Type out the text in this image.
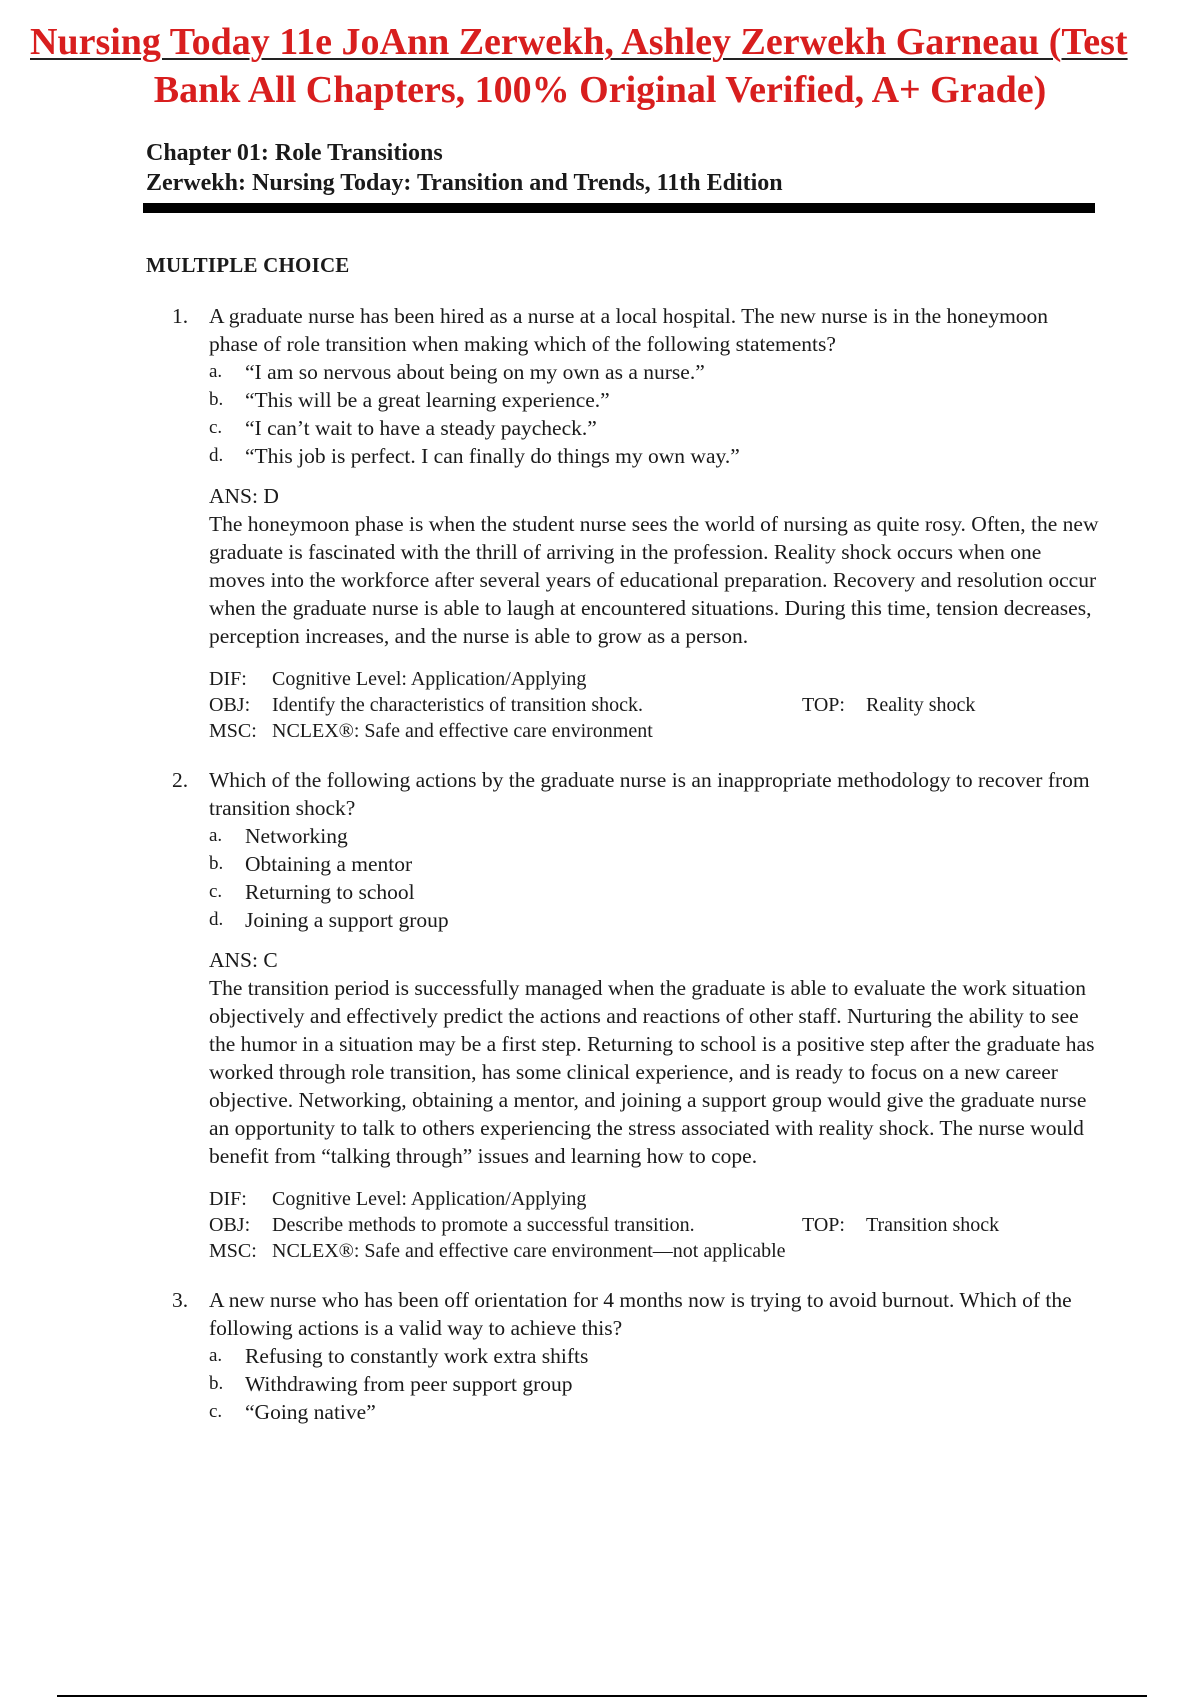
Nursing Today 11e JoAnn Zerwekh, Ashley Zerwekh Garneau (Test
Bank All Chapters, 100% Original Verified, A+ Grade)
Chapter 01: Role Transitions
Zerwekh: Nursing Today: Transition and Trends, 11th Edition
MULTIPLE CHOICE
1. A graduate nurse has been hired as a nurse at a local hospital. The new nurse is in the honeymoon phase of role transition when making which of the following statements?
a.	“I am so nervous about being on my own as a nurse.”
b.	“This will be a great learning experience.”
c.	“I can’t wait to have a steady paycheck.”
d.	“This job is perfect. I can finally do things my own way.”
ANS: D
The honeymoon phase is when the student nurse sees the world of nursing as quite rosy. Often, the new graduate is fascinated with the thrill of arriving in the profession. Reality shock occurs when one moves into the workforce after several years of educational preparation. Recovery and resolution occur when the graduate nurse is able to laugh at encountered situations. During this time, tension decreases, perception increases, and the nurse is able to grow as a person.
DIF:	Cognitive Level: Application/Applying
OBJ:	Identify the characteristics of transition shock.	TOP:	Reality shock
MSC: NCLEX®: Safe and effective care environment
2. Which of the following actions by the graduate nurse is an inappropriate methodology to recover from transition shock?
a.	Networking
b.	Obtaining a mentor
c.	Returning to school
d.	Joining a support group
ANS: C
The transition period is successfully managed when the graduate is able to evaluate the work situation objectively and effectively predict the actions and reactions of other staff. Nurturing the ability to see the humor in a situation may be a first step. Returning to school is a positive step after the graduate has worked through role transition, has some clinical experience, and is ready to focus on a new career objective. Networking, obtaining a mentor, and joining a support group would give the graduate nurse an opportunity to talk to others experiencing the stress associated with reality shock. The nurse would benefit from “talking through” issues and learning how to cope.
DIF:	Cognitive Level: Application/Applying
OBJ:	Describe methods to promote a successful transition.	TOP:	Transition shock
MSC: NCLEX®: Safe and effective care environment—not applicable
3. A new nurse who has been off orientation for 4 months now is trying to avoid burnout. Which of the following actions is a valid way to achieve this?
a.	Refusing to constantly work extra shifts
b.	Withdrawing from peer support group
c.	“Going native”
